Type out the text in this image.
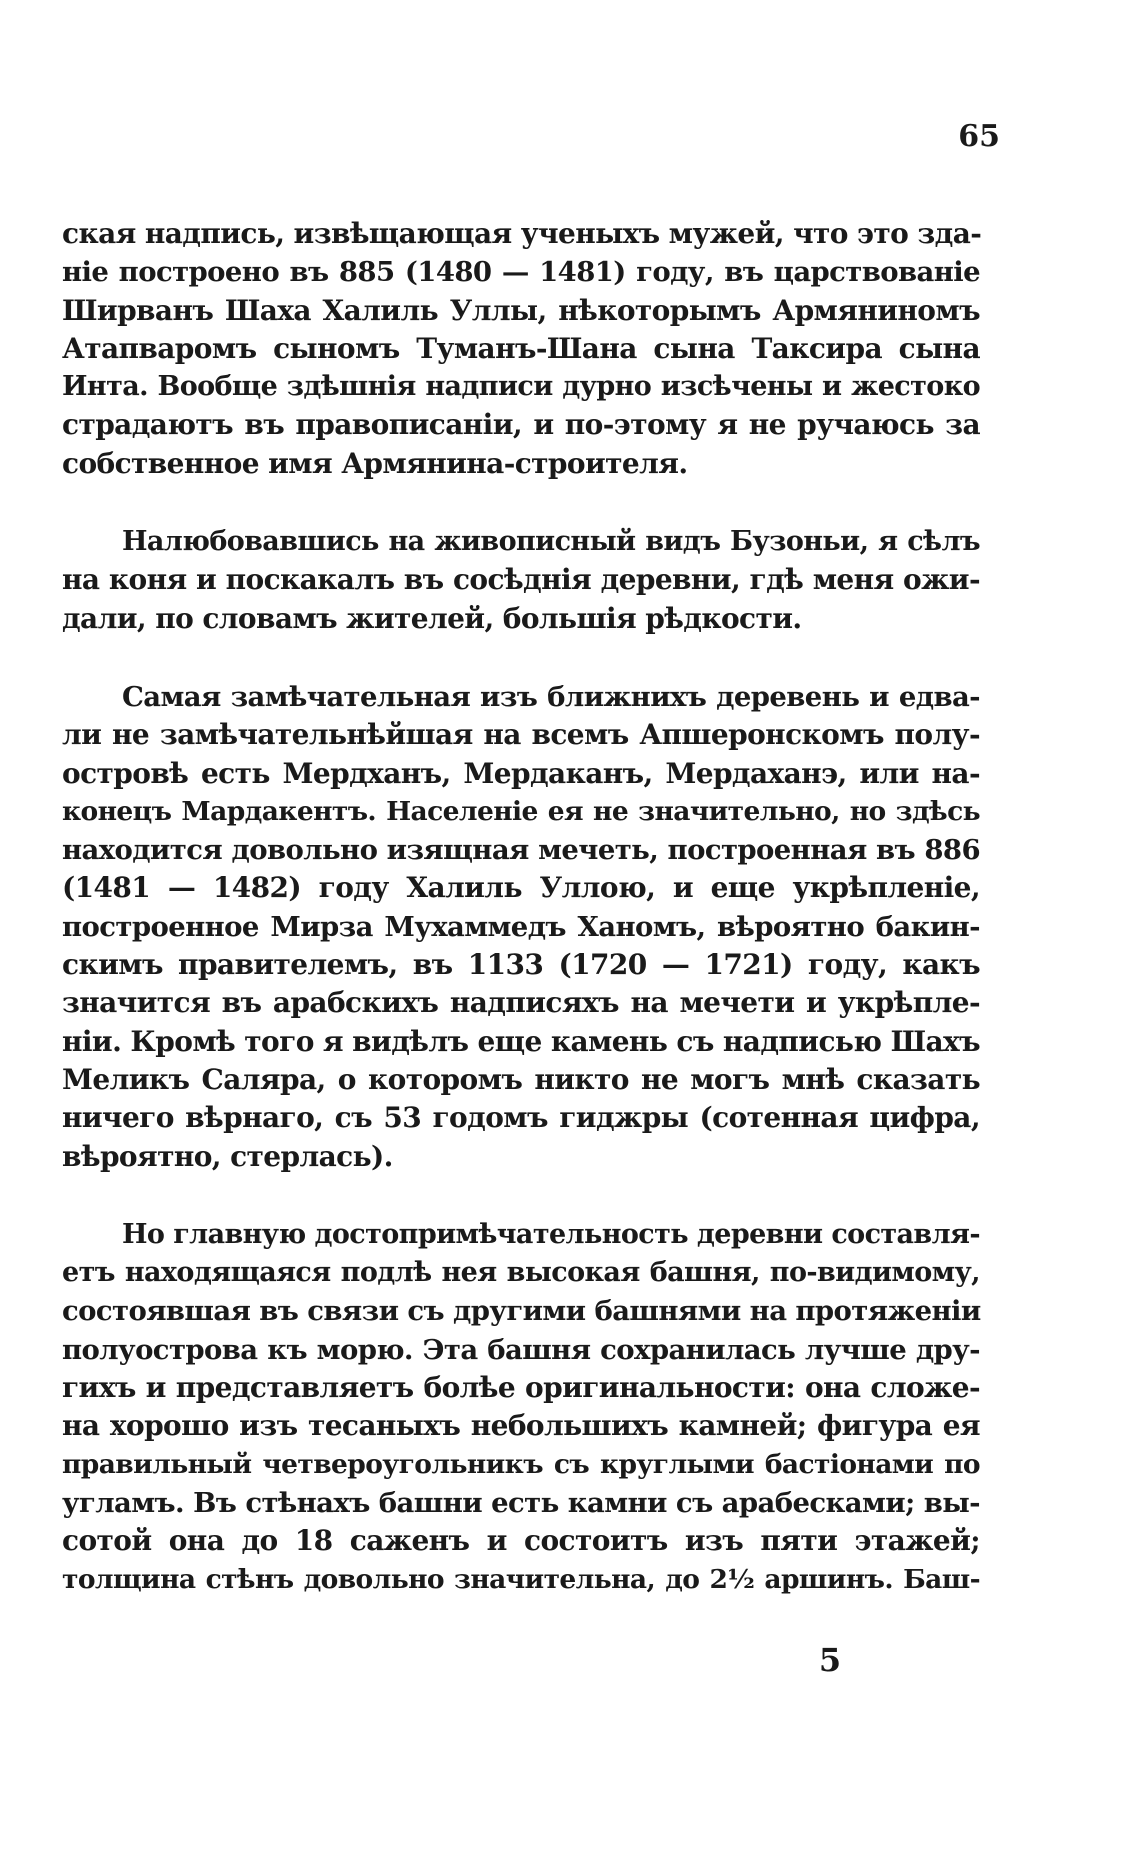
65
ская надпись, извѣщающая ученыхъ мужей, что это зда-
ніе построено въ 885 (1480 — 1481) году, въ царствованіе
Ширванъ Шаха Халиль Уллы, нѣкоторымъ Армяниномъ
Атапваромъ сыномъ Туманъ-Шана сына Таксира сына
Инта. Вообще здѣшнія надписи дурно изсѣчены и жестоко
страдаютъ въ правописаніи, и по-этому я не ручаюсь за
собственное имя Армянина-строителя.
Налюбовавшись на живописный видъ Бузоньи, я сѣлъ
на коня и поскакалъ въ сосѣднія деревни, гдѣ меня ожи-
дали, по словамъ жителей, большія рѣдкости.
Самая замѣчательная изъ ближнихъ деревень и едва-
ли не замѣчательнѣйшая на всемъ Апшеронскомъ полу-
островѣ есть Мердханъ, Мердаканъ, Мердаханэ, или на-
конецъ Мардакентъ. Населеніе ея не значительно, но здѣсь
находится довольно изящная мечеть, построенная въ 886
(1481 — 1482) году Халиль Уллою, и еще укрѣпленіе,
построенное Мирза Мухаммедъ Ханомъ, вѣроятно бакин-
скимъ правителемъ, въ 1133 (1720 — 1721) году, какъ
значится въ арабскихъ надписяхъ на мечети и укрѣпле-
ніи. Кромѣ того я видѣлъ еще камень съ надписью Шахъ
Меликъ Саляра, о которомъ никто не могъ мнѣ сказать
ничего вѣрнаго, съ 53 годомъ гиджры (сотенная цифра,
вѣроятно, стерлась).
Но главную достопримѣчательность деревни составля-
етъ находящаяся подлѣ нея высокая башня, по-видимому,
состоявшая въ связи съ другими башнями на протяженіи
полуострова къ морю. Эта башня сохранилась лучше дру-
гихъ и представляетъ болѣе оригинальности: она сложе-
на хорошо изъ тесаныхъ небольшихъ камней; фигура ея
правильный четвероугольникъ съ круглыми бастіонами по
угламъ. Въ стѣнахъ башни есть камни съ арабесками; вы-
сотой она до 18 саженъ и состоитъ изъ пяти этажей;
толщина стѣнъ довольно значительна, до 2½ аршинъ. Баш-
5
